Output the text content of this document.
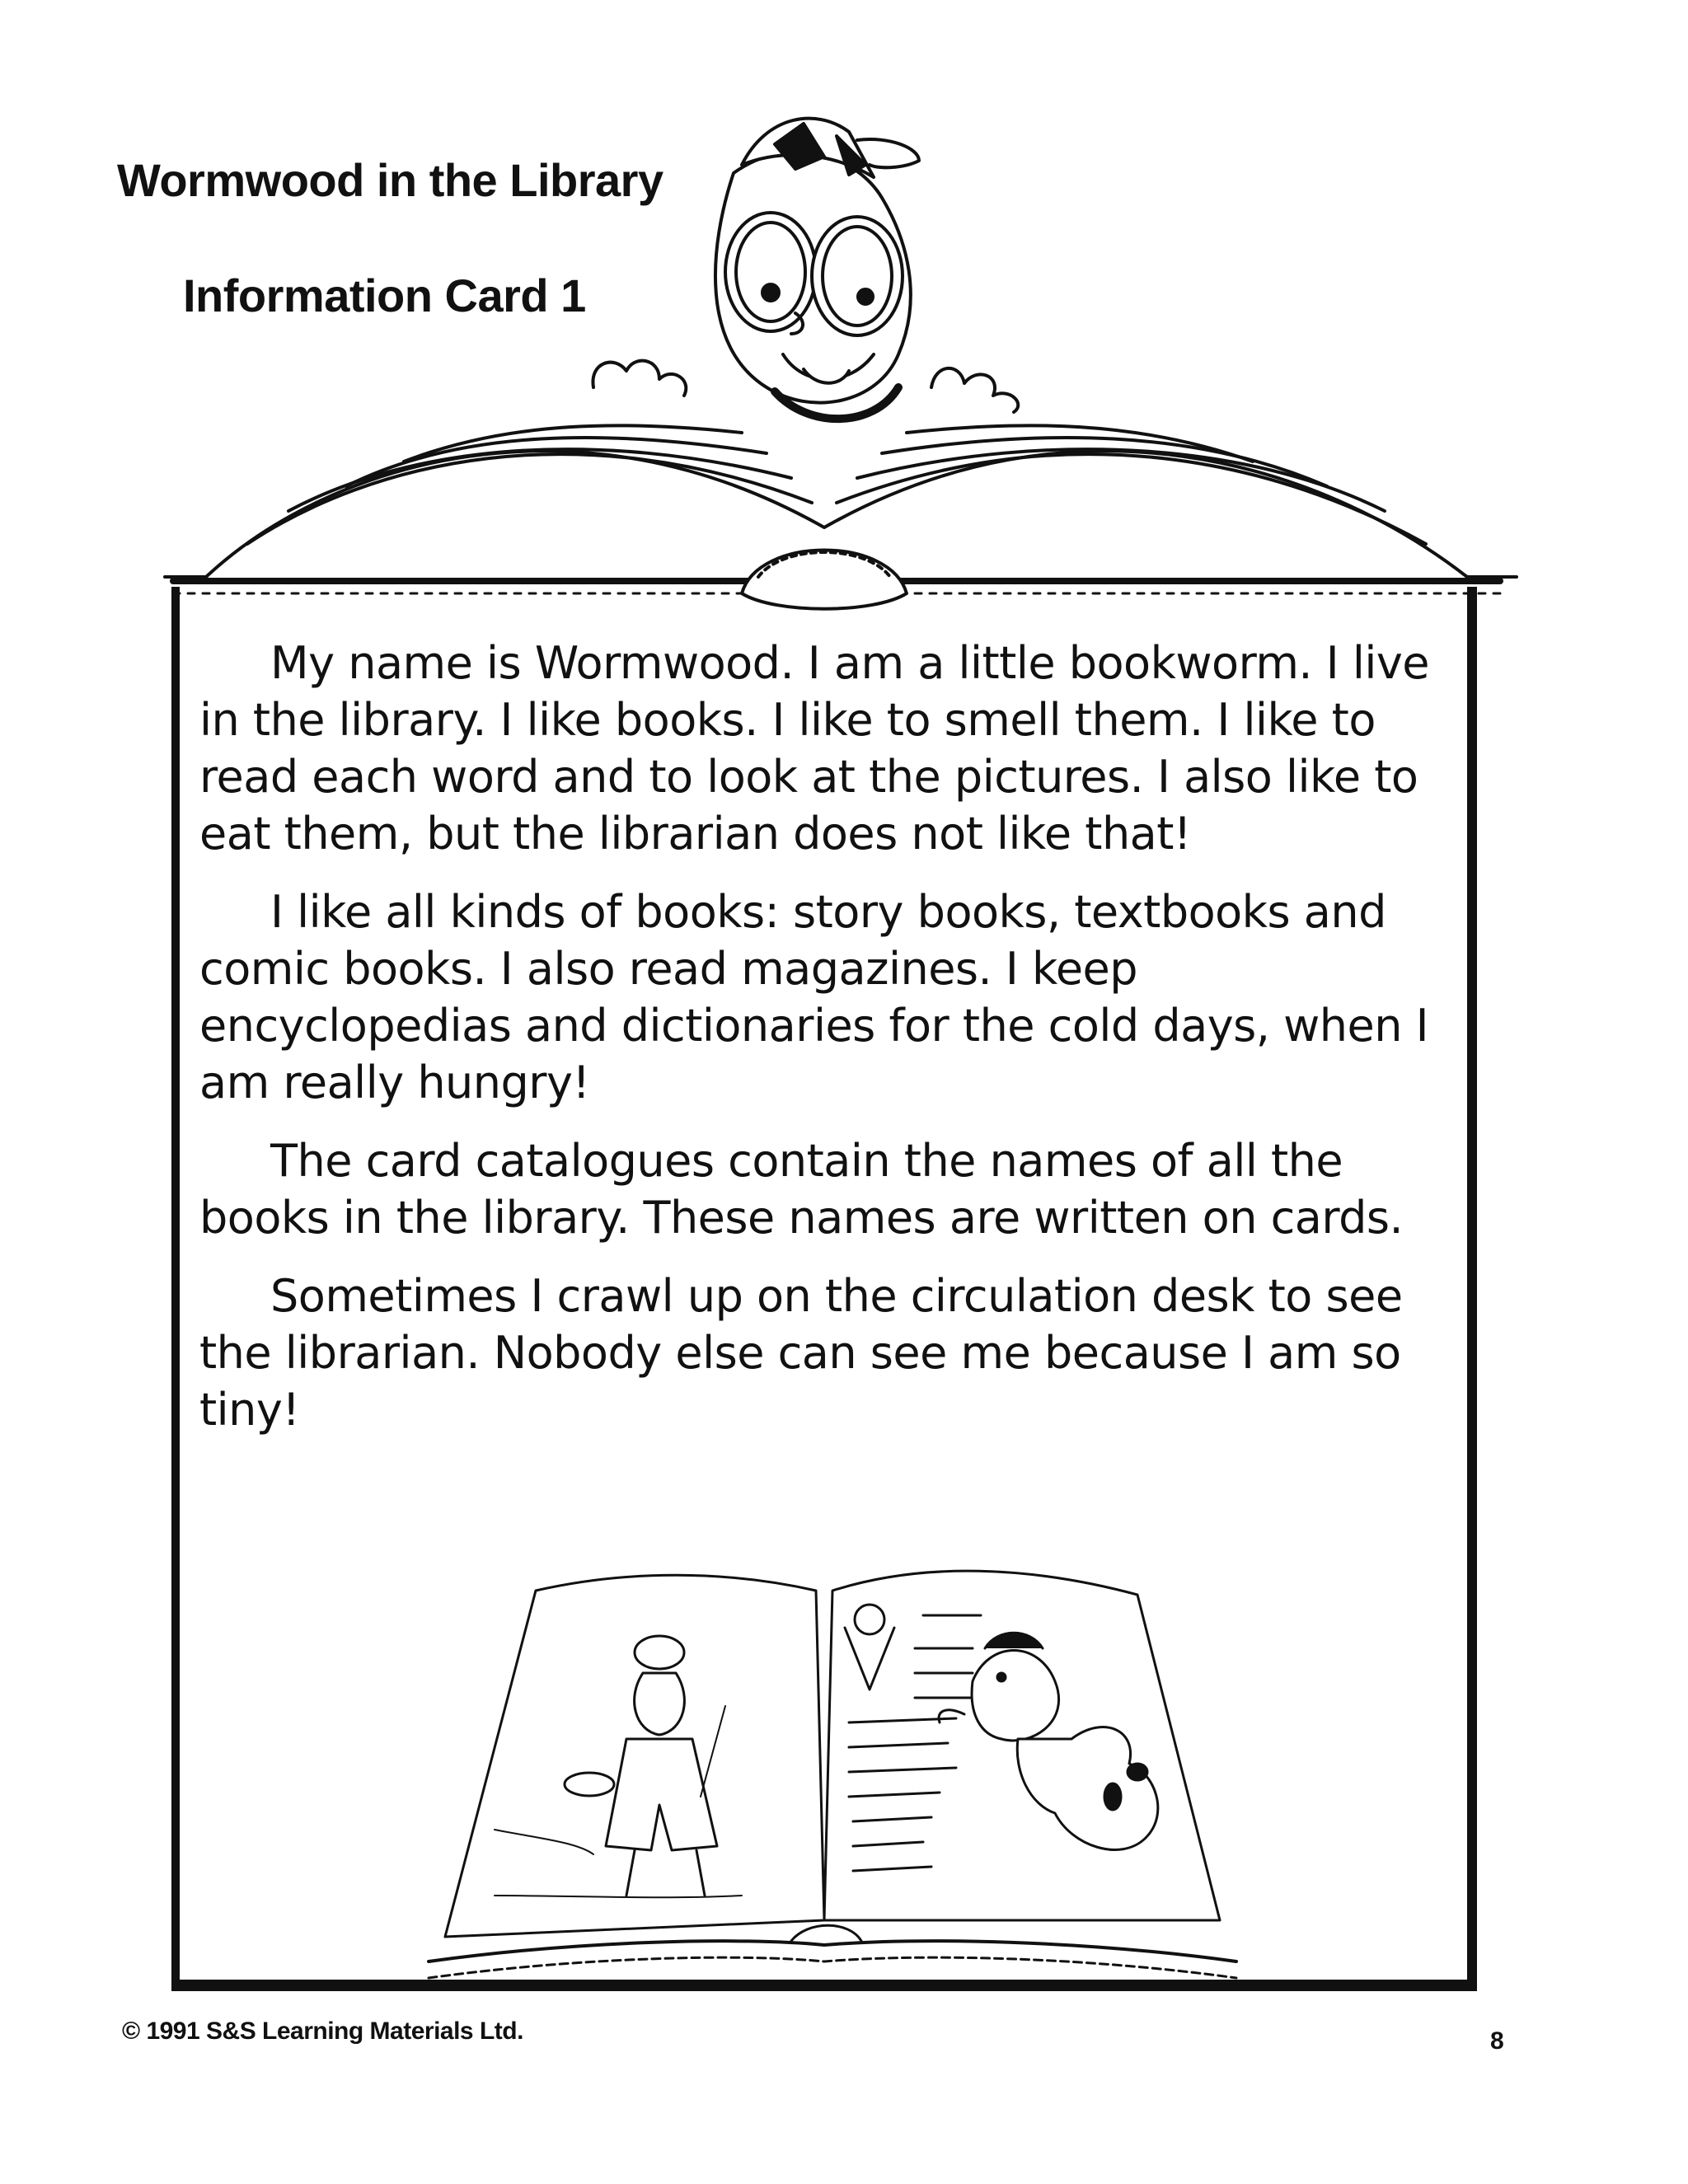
Wormwood in the Library
Information Card 1

My name is Wormwood. I am a little bookworm. I live in the library. I like books. I like to smell them. I like to read each word and to look at the pictures. I also like to eat them, but the librarian does not like that!

I like all kinds of books: story books, textbooks and comic books. I also read magazines. I keep encyclopedias and dictionaries for the cold days, when I am really hungry!

The card catalogues contain the names of all the books in the library. These names are written on cards.

Sometimes I crawl up on the circulation desk to see the librarian. Nobody else can see me because I am so tiny!

© 1991 S&S Learning Materials Ltd.	8
